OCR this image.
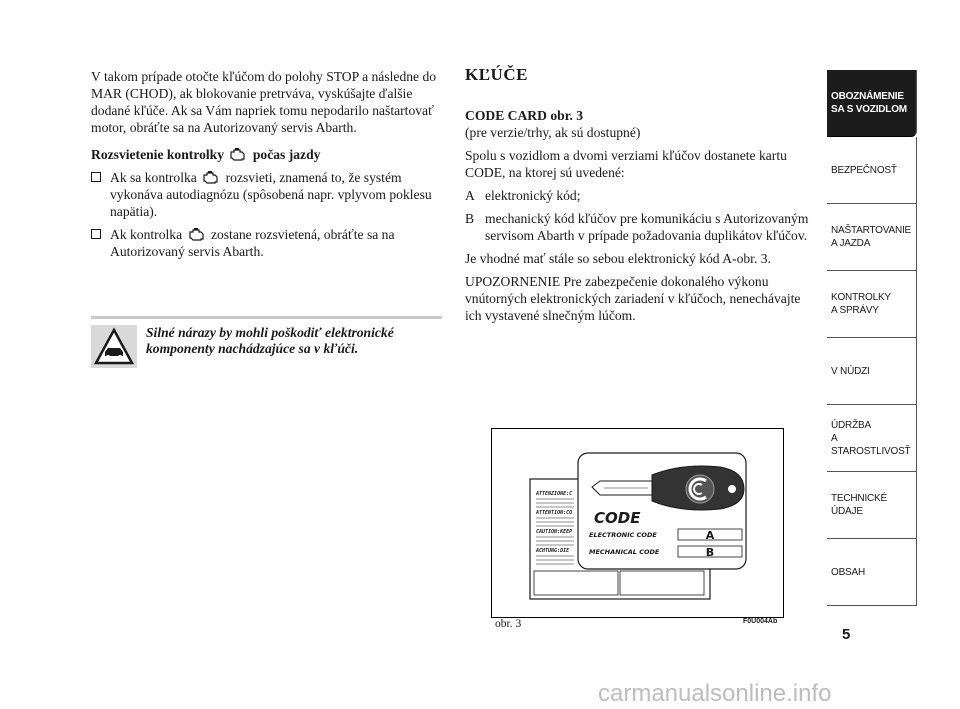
V takom prípade otočte kľúčom do polohy STOP a následne do MAR (CHOD), ak blokovanie pretrváva, vyskúšajte ďalšie dodané kľúče. Ak sa Vám napriek tomu nepodarilo naštartovať motor, obráťte sa na Autorizovaný servis Abarth.

Rozsvietenie kontrolky počas jazdy

Ak sa kontrolka rozsvieti, znamená to, že systém vykonáva autodiagnózu (spôsobená napr. vplyvom poklesu napätia).

Ak kontrolka zostane rozsvietená, obráťte sa na Autorizovaný servis Abarth.

Silné nárazy by mohli poškodiť elektronické komponenty nachádzajúce sa v kľúči.

KĽÚČE

CODE CARD obr. 3

(pre verzie/trhy, ak sú dostupné)

Spolu s vozidlom a dvomi verziami kľúčov dostanete kartu CODE, na ktorej sú uvedené:

A elektronický kód;

B mechanický kód kľúčov pre komunikáciu s Autorizovaným servisom Abarth v prípade požadovania duplikátov kľúčov.

Je vhodné mať stále so sebou elektronický kód A-obr. 3.

UPOZORNENIE Pre zabezpečenie dokonalého výkonu vnútorných elektronických zariadení v kľúčoch, nenechávajte ich vystavené slnečným lúčom.

ATTENZIONE:C
ATTENTION:CO
CAUTION:KEEP
ACHTUNG:DIE
CODE
ELECTRONIC CODE	A
MECHANICAL CODE	B
obr. 3	F0U004Ab
OBOZNÁMENIE
SA S VOZIDLOM
BEZPEČNOSŤ
NAŠTARTOVANIE
A JAZDA
KONTROLKY
A SPRÁVY
V NÚDZI
ÚDRŽBA
A STAROSTLIVOSŤ
TECHNICKÉ
ÚDAJE
OBSAH
5
carmanualsonline.info
